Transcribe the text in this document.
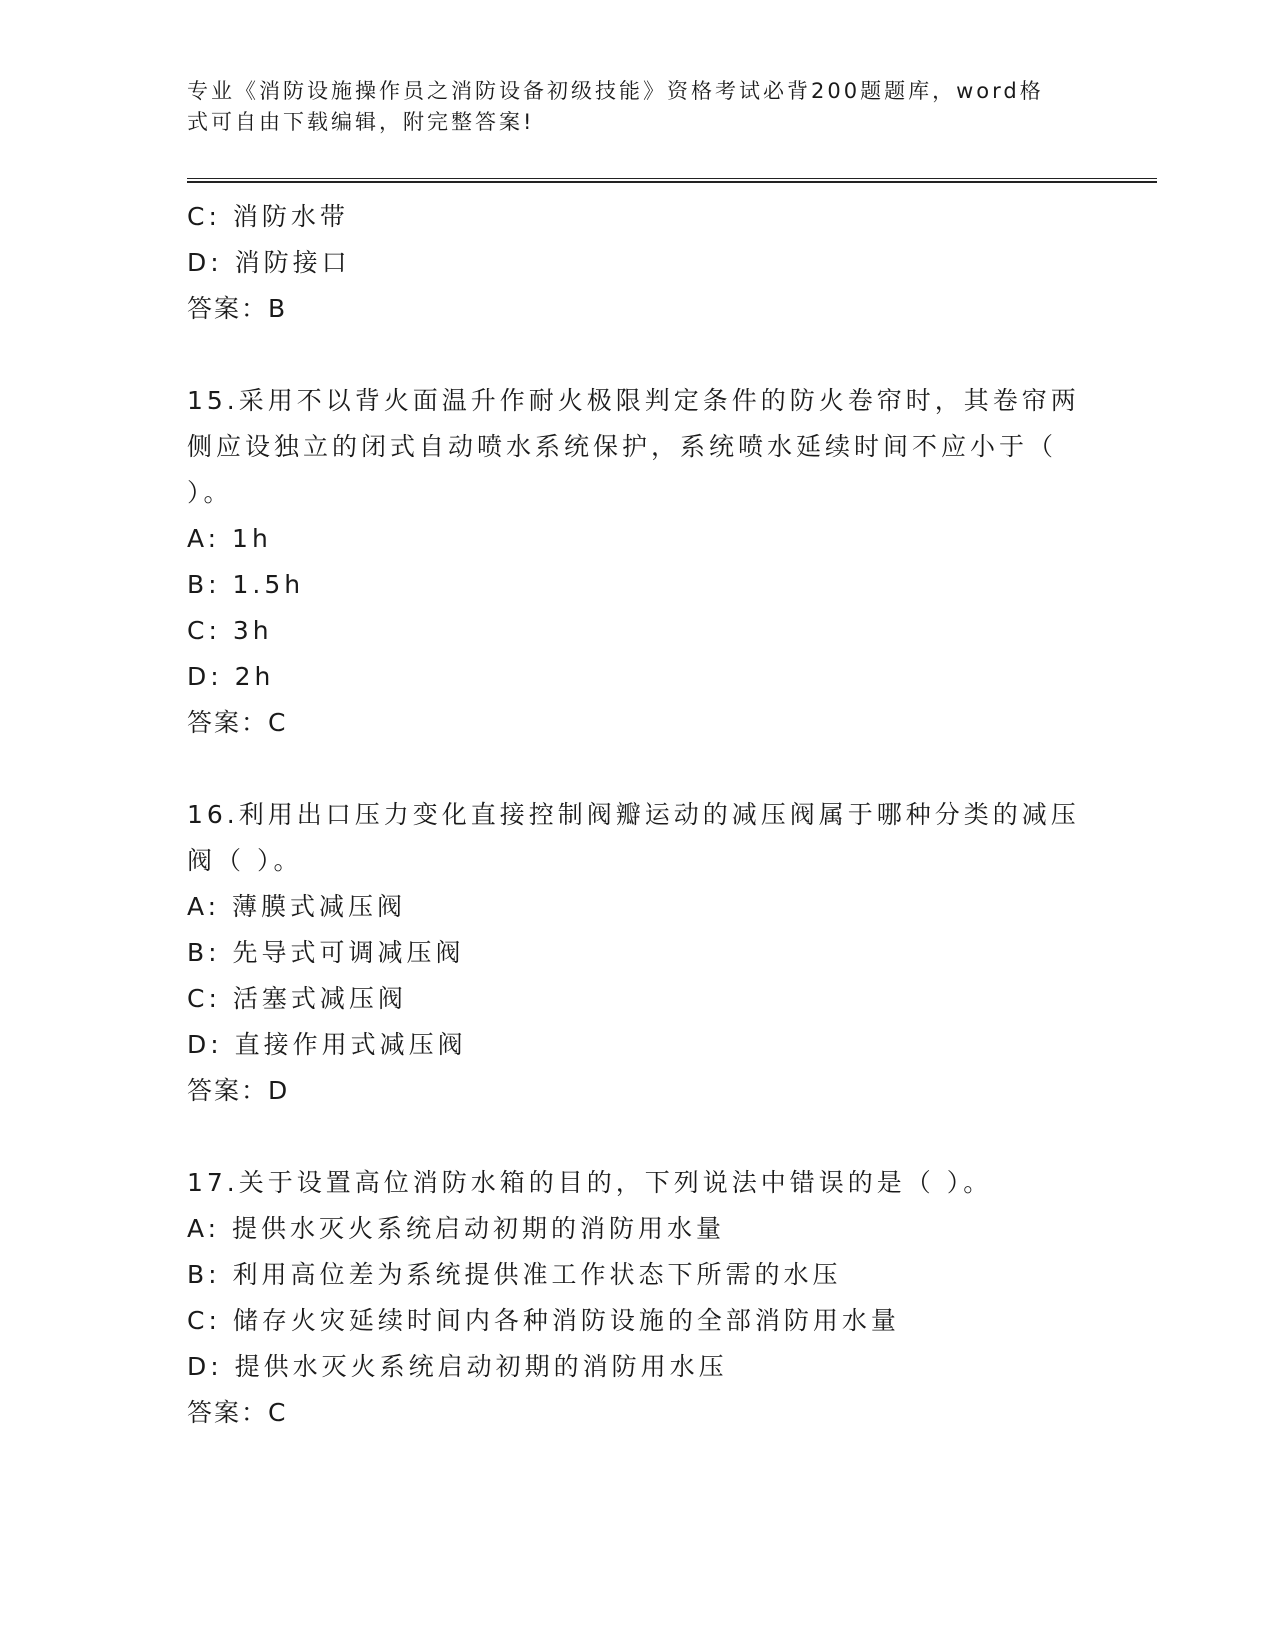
专业《消防设施操作员之消防设备初级技能》资格考试必背200题题库，word格
式可自由下载编辑，附完整答案!
C: 消防水带
D: 消防接口
答案：B
15.采用不以背火面温升作耐火极限判定条件的防火卷帘时，其卷帘两
侧应设独立的闭式自动喷水系统保护，系统喷水延续时间不应小于（
）。
A: 1h
B: 1.5h
C: 3h
D: 2h
答案：C
16.利用出口压力变化直接控制阀瓣运动的减压阀属于哪种分类的减压
阀（ ）。
A: 薄膜式减压阀
B: 先导式可调减压阀
C: 活塞式减压阀
D: 直接作用式减压阀
答案：D
17.关于设置高位消防水箱的目的，下列说法中错误的是（ ）。
A: 提供水灭火系统启动初期的消防用水量
B: 利用高位差为系统提供准工作状态下所需的水压
C: 储存火灾延续时间内各种消防设施的全部消防用水量
D: 提供水灭火系统启动初期的消防用水压
答案：C
